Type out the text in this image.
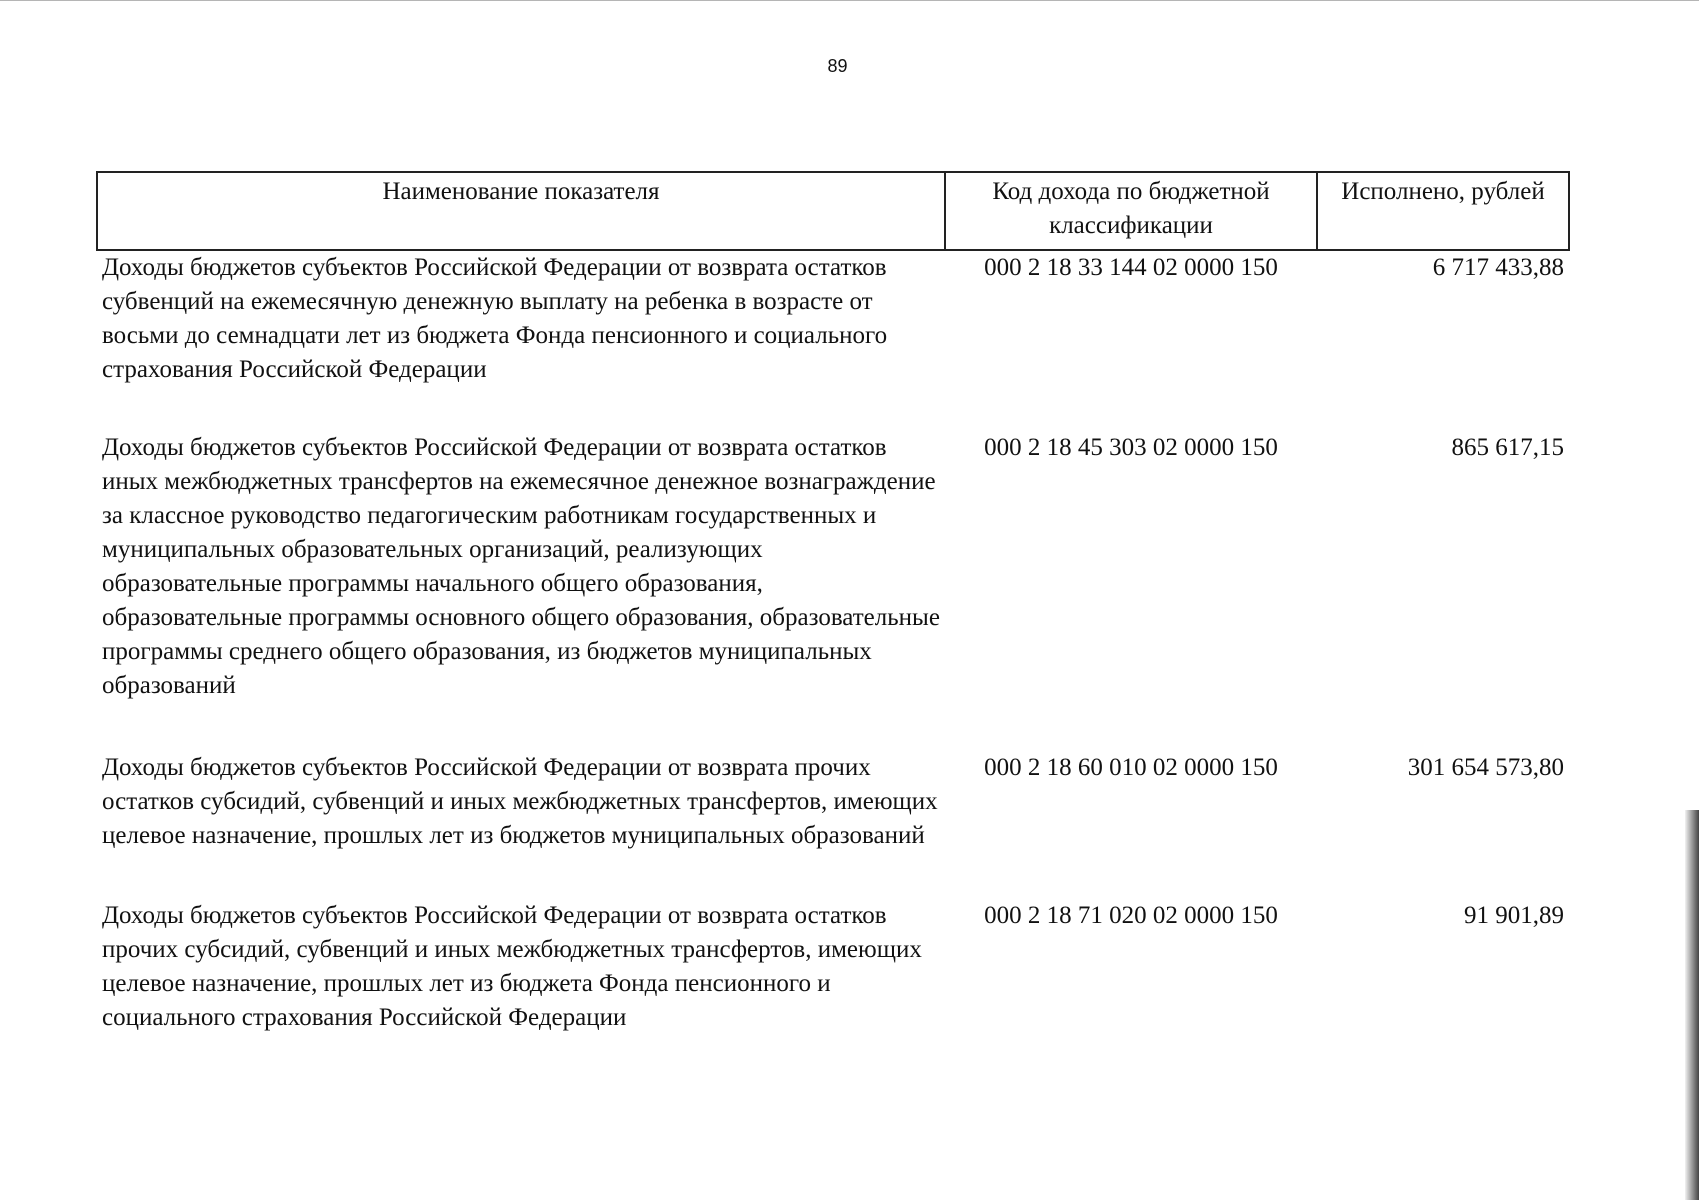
89
Наименование показателя	Код дохода по бюджетной классификации	Исполнено, рублей
Доходы бюджетов субъектов Российской Федерации от возврата остатков субвенций на ежемесячную денежную выплату на ребенка в возрасте от восьми до семнадцати лет из бюджета Фонда пенсионного и социального страхования Российской Федерации	000 2 18 33 144 02 0000 150	6 717 433,88
Доходы бюджетов субъектов Российской Федерации от возврата остатков иных межбюджетных трансфертов на ежемесячное денежное вознаграждение за классное руководство педагогическим работникам государственных и муниципальных образовательных организаций, реализующих образовательные программы начального общего образования, образовательные программы основного общего образования, образовательные программы среднего общего образования, из бюджетов муниципальных образований	000 2 18 45 303 02 0000 150	865 617,15
Доходы бюджетов субъектов Российской Федерации от возврата прочих остатков субсидий, субвенций и иных межбюджетных трансфертов, имеющих целевое назначение, прошлых лет из бюджетов муниципальных образований	000 2 18 60 010 02 0000 150	301 654 573,80
Доходы бюджетов субъектов Российской Федерации от возврата остатков прочих субсидий, субвенций и иных межбюджетных трансфертов, имеющих целевое назначение, прошлых лет из бюджета Фонда пенсионного и социального страхования Российской Федерации	000 2 18 71 020 02 0000 150	91 901,89
